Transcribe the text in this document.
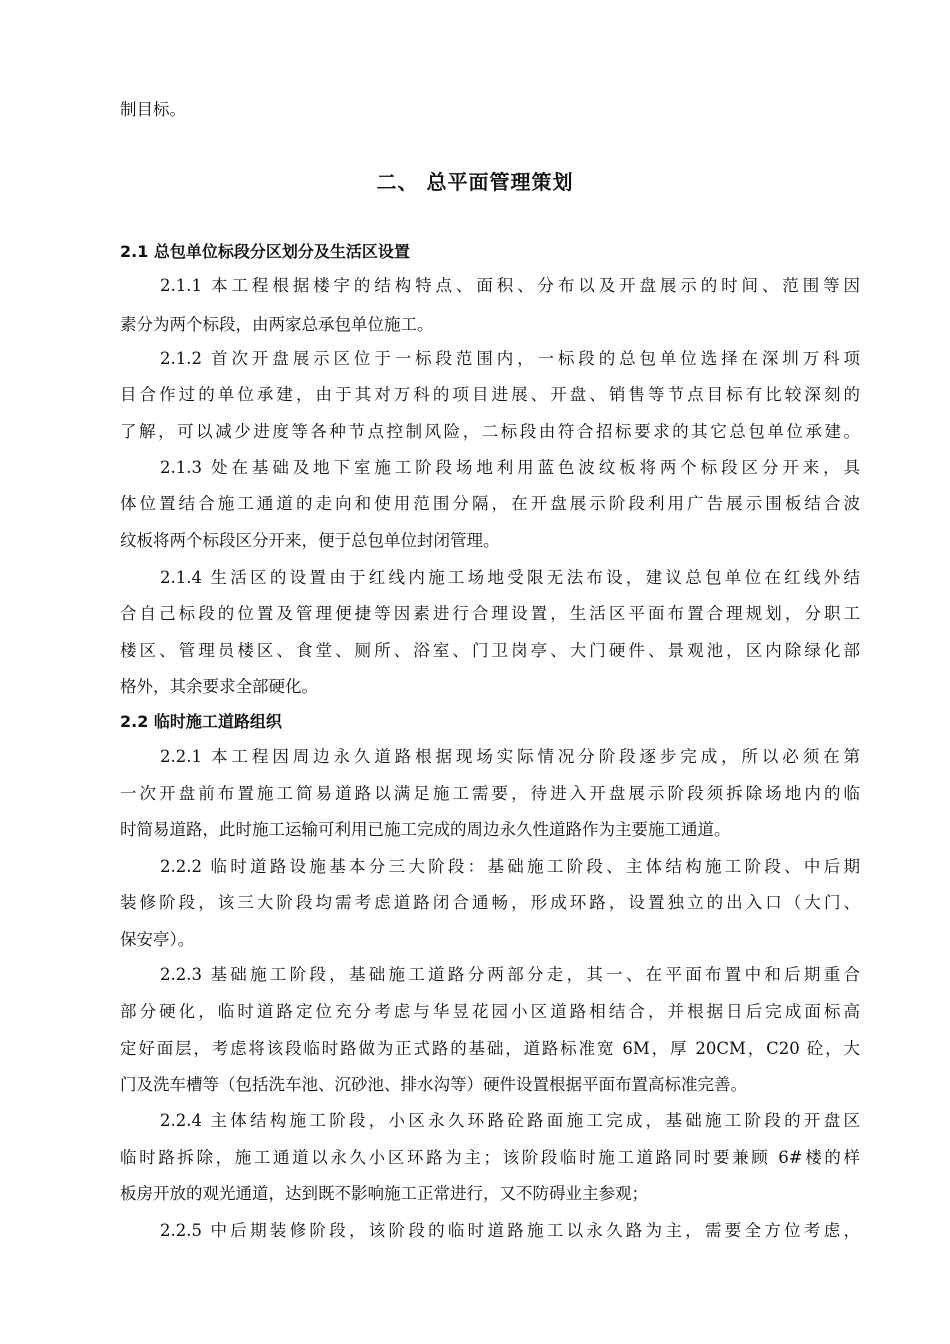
制目标。
二、 总平面管理策划
2.1 总包单位标段分区划分及生活区设置
2.1.1 本工程根据楼宇的结构特点、面积、分布以及开盘展示的时间、范围等因
素分为两个标段，由两家总承包单位施工。
2.1.2 首次开盘展示区位于一标段范围内，一标段的总包单位选择在深圳万科项
目合作过的单位承建，由于其对万科的项目进展、开盘、销售等节点目标有比较深刻的
了解，可以减少进度等各种节点控制风险，二标段由符合招标要求的其它总包单位承建。
2.1.3 处在基础及地下室施工阶段场地利用蓝色波纹板将两个标段区分开来，具
体位置结合施工通道的走向和使用范围分隔，在开盘展示阶段利用广告展示围板结合波
纹板将两个标段区分开来，便于总包单位封闭管理。
2.1.4 生活区的设置由于红线内施工场地受限无法布设，建议总包单位在红线外结
合自己标段的位置及管理便捷等因素进行合理设置，生活区平面布置合理规划，分职工
楼区、管理员楼区、食堂、厕所、浴室、门卫岗亭、大门硬件、景观池，区内除绿化部
格外，其余要求全部硬化。
2.2 临时施工道路组织
2.2.1 本工程因周边永久道路根据现场实际情况分阶段逐步完成，所以必须在第
一次开盘前布置施工简易道路以满足施工需要，待进入开盘展示阶段须拆除场地内的临
时简易道路，此时施工运输可利用已施工完成的周边永久性道路作为主要施工通道。
2.2.2 临时道路设施基本分三大阶段：基础施工阶段、主体结构施工阶段、中后期
装修阶段，该三大阶段均需考虑道路闭合通畅，形成环路，设置独立的出入口（大门、
保安亭）。
2.2.3 基础施工阶段，基础施工道路分两部分走，其一、在平面布置中和后期重合
部分硬化，临时道路定位充分考虑与华昱花园小区道路相结合，并根据日后完成面标高
定好面层，考虑将该段临时路做为正式路的基础，道路标准宽 6M，厚 20CM，C20 砼，大
门及洗车槽等（包括洗车池、沉砂池、排水沟等）硬件设置根据平面布置高标准完善。
2.2.4 主体结构施工阶段，小区永久环路砼路面施工完成，基础施工阶段的开盘区
临时路拆除，施工通道以永久小区环路为主；该阶段临时施工道路同时要兼顾 6#楼的样
板房开放的观光通道，达到既不影响施工正常进行，又不防碍业主参观；
2.2.5 中后期装修阶段，该阶段的临时道路施工以永久路为主，需要全方位考虑，
